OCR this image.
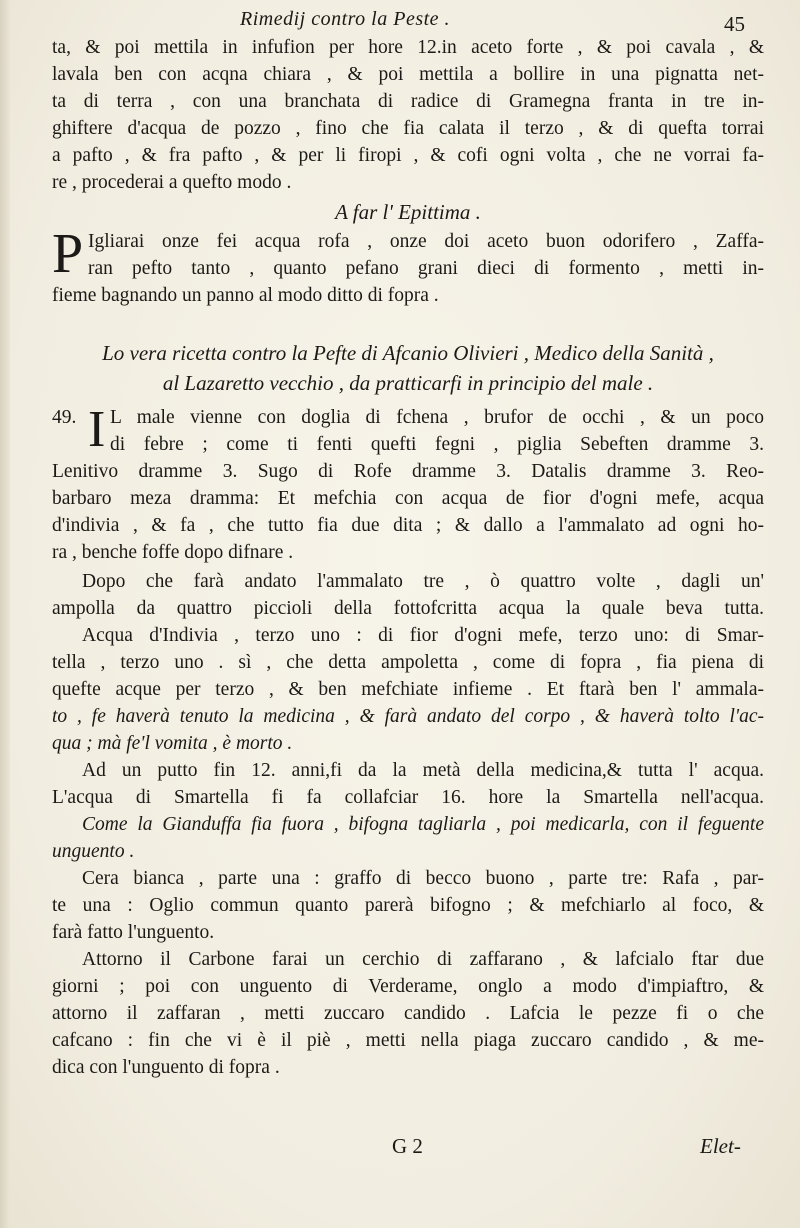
Rimedij contro la Peste .	45
ta, & poi mettila in infufion per hore 12.in aceto forte , & poi cavala , &
lavala ben con acqna chiara , & poi mettila a bollire in una pignatta net-
ta di terra , con una branchata di radice di Gramegna franta in tre in-
ghiftere d'acqua de pozzo , fino che fia calata il terzo , & di quefta torrai
a pafto , & fra pafto , & per li firopi , & cofi ogni volta , che ne vorrai fa-
re , procederai a quefto modo .
A far l' Epittima .
P Igliarai onze fei acqua rofa , onze doi aceto buon odorifero , Zaffa-
ran pefto tanto , quanto pefano grani dieci di formento , metti in-
fieme bagnando un panno al modo ditto di fopra .
Lo vera ricetta contro la Pefte di Afcanio Olivieri , Medico della Sanità ,
al Lazaretto vecchio , da pratticarfi in principio del male .
49. I L male vienne con doglia di fchena , brufor de occhi , & un poco
di febre ; come ti fenti quefti fegni , piglia Sebeften dramme 3.
Lenitivo dramme 3. Sugo di Rofe dramme 3. Datalis dramme 3. Reo-
barbaro meza dramma: Et mefchia con acqua de fior d'ogni mefe, acqua
d'indivia , & fa , che tutto fia due dita ; & dallo a l'ammalato ad ogni ho-
ra , benche foffe dopo difnare .
Dopo che farà andato l'ammalato tre , ò quattro volte , dagli un'
ampolla da quattro piccioli della fottofcritta acqua la quale beva tutta.
Acqua d'Indivia , terzo uno : di fior d'ogni mefe, terzo uno: di Smar-
tella , terzo uno . sì , che detta ampoletta , come di fopra , fia piena di
quefte acque per terzo , & ben mefchiate infieme . Et ftarà ben l' ammala-
to , fe haverà tenuto la medicina , & farà andato del corpo , & haverà tolto l'ac-
qua ; mà fe'l vomita , è morto .
Ad un putto fin 12. anni,fi da la metà della medicina,& tutta l' acqua.
L'acqua di Smartella fi fa collafciar 16. hore la Smartella nell'acqua.
Come la Gianduffa fia fuora , bifogna tagliarla , poi medicarla, con il feguente
unguento .
Cera bianca , parte una : graffo di becco buono , parte tre: Rafa , par-
te una : Oglio commun quanto parerà bifogno ; & mefchiarlo al foco, &
farà fatto l'unguento.
Attorno il Carbone farai un cerchio di zaffarano , & lafcialo ftar due
giorni ; poi con unguento di Verderame, onglo a modo d'impiaftro, &
attorno il zaffaran , metti zuccaro candido . Lafcia le pezze fi o che
cafcano : fin che vi è il piè , metti nella piaga zuccaro candido , & me-
dica con l'unguento di fopra .
G 2	Elet-
